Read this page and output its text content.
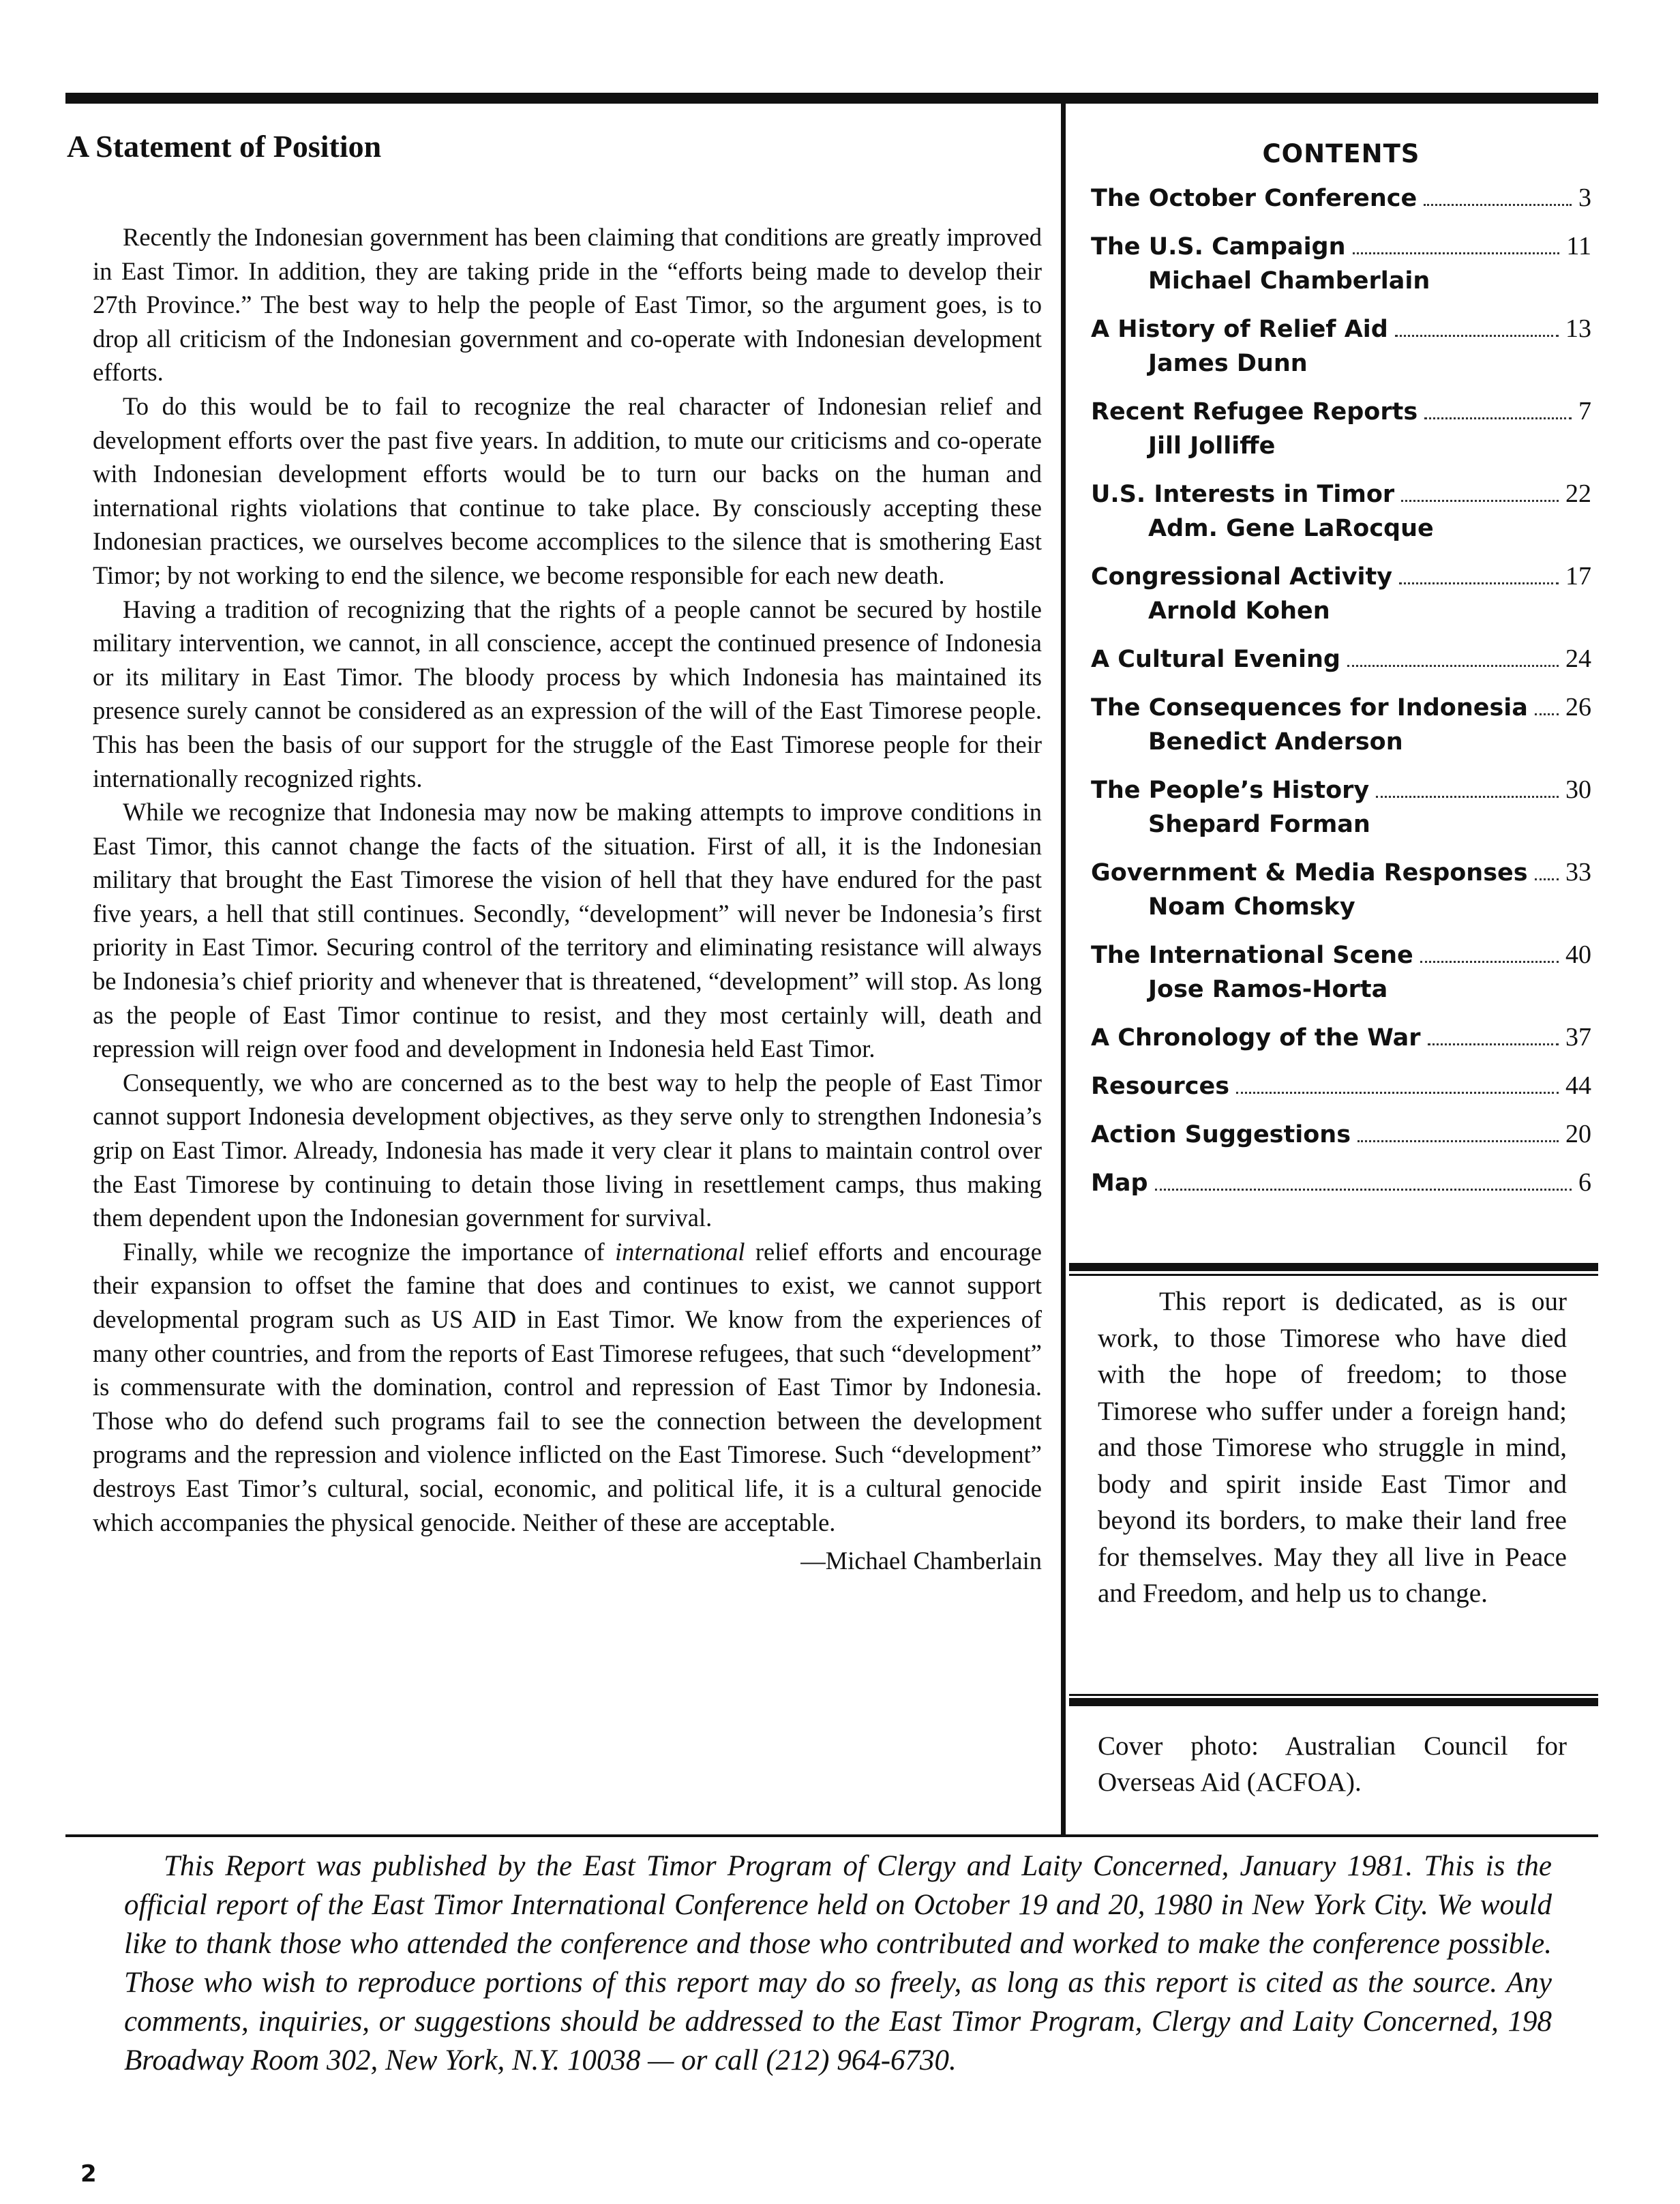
A Statement of Position

Recently the Indonesian government has been claiming that conditions are greatly improved in East Timor. In addition, they are taking pride in the “efforts being made to develop their 27th Province.” The best way to help the people of East Timor, so the argument goes, is to drop all criticism of the Indonesian government and co-operate with Indonesian development efforts.

To do this would be to fail to recognize the real character of Indonesian relief and development efforts over the past five years. In addition, to mute our criticisms and co-operate with Indonesian development efforts would be to turn our backs on the human and international rights violations that continue to take place. By consciously accepting these Indonesian practices, we ourselves become accomplices to the silence that is smothering East Timor; by not working to end the silence, we become responsible for each new death.

Having a tradition of recognizing that the rights of a people cannot be secured by hostile military intervention, we cannot, in all conscience, accept the continued presence of Indonesia or its military in East Timor. The bloody process by which Indonesia has maintained its presence surely cannot be considered as an expression of the will of the East Timorese people. This has been the basis of our support for the struggle of the East Timorese people for their internationally recognized rights.

While we recognize that Indonesia may now be making attempts to improve conditions in East Timor, this cannot change the facts of the situation. First of all, it is the Indonesian military that brought the East Timorese the vision of hell that they have endured for the past five years, a hell that still continues. Secondly, “development” will never be Indonesia’s first priority in East Timor. Securing control of the territory and eliminating resistance will always be Indonesia’s chief priority and whenever that is threatened, “development” will stop. As long as the people of East Timor continue to resist, and they most certainly will, death and repression will reign over food and development in Indonesia held East Timor.

Consequently, we who are concerned as to the best way to help the people of East Timor cannot support Indonesia development objectives, as they serve only to strengthen Indonesia’s grip on East Timor. Already, Indonesia has made it very clear it plans to maintain control over the East Timorese by continuing to detain those living in resettlement camps, thus making them dependent upon the Indonesian government for survival.

Finally, while we recognize the importance of international relief efforts and encourage their expansion to offset the famine that does and continues to exist, we cannot support developmental program such as US AID in East Timor. We know from the experiences of many other countries, and from the reports of East Timorese refugees, that such “development” is commensurate with the domination, control and repression of East Timor by Indonesia. Those who do defend such programs fail to see the connection between the development programs and the repression and violence inflicted on the East Timorese. Such “development” destroys East Timor’s cultural, social, economic, and political life, it is a cultural genocide which accompanies the physical genocide. Neither of these are acceptable.

—Michael Chamberlain
CONTENTS
The October Conference	3
The U.S. Campaign	11
Michael Chamberlain
A History of Relief Aid	13
James Dunn
Recent Refugee Reports	7
Jill Jolliffe
U.S. Interests in Timor	22
Adm. Gene LaRocque
Congressional Activity	17
Arnold Kohen
A Cultural Evening	24
The Consequences for Indonesia 26
Benedict Anderson
The People’s History	30
Shepard Forman
Government & Media Responses 33
Noam Chomsky
The International Scene	40
Jose Ramos-Horta
A Chronology of the War	37
Resources	44
Action Suggestions	20
Map	6

This report is dedicated, as is our work, to those Timorese who have died with the hope of freedom; to those Timorese who suffer under a foreign hand; and those Timorese who struggle in mind, body and spirit inside East Timor and beyond its borders, to make their land free for themselves. May they all live in Peace and Freedom, and help us to change.

Cover photo: Australian Council for Overseas Aid (ACFOA).

This Report was published by the East Timor Program of Clergy and Laity Concerned, January 1981. This is the official report of the East Timor International Conference held on October 19 and 20, 1980 in New York City. We would like to thank those who attended the conference and those who contributed and worked to make the conference possible. Those who wish to reproduce portions of this report may do so freely, as long as this report is cited as the source. Any comments, inquiries, or suggestions should be addressed to the East Timor Program, Clergy and Laity Concerned, 198 Broadway Room 302, New York, N.Y. 10038 — or call (212) 964-6730.

2
